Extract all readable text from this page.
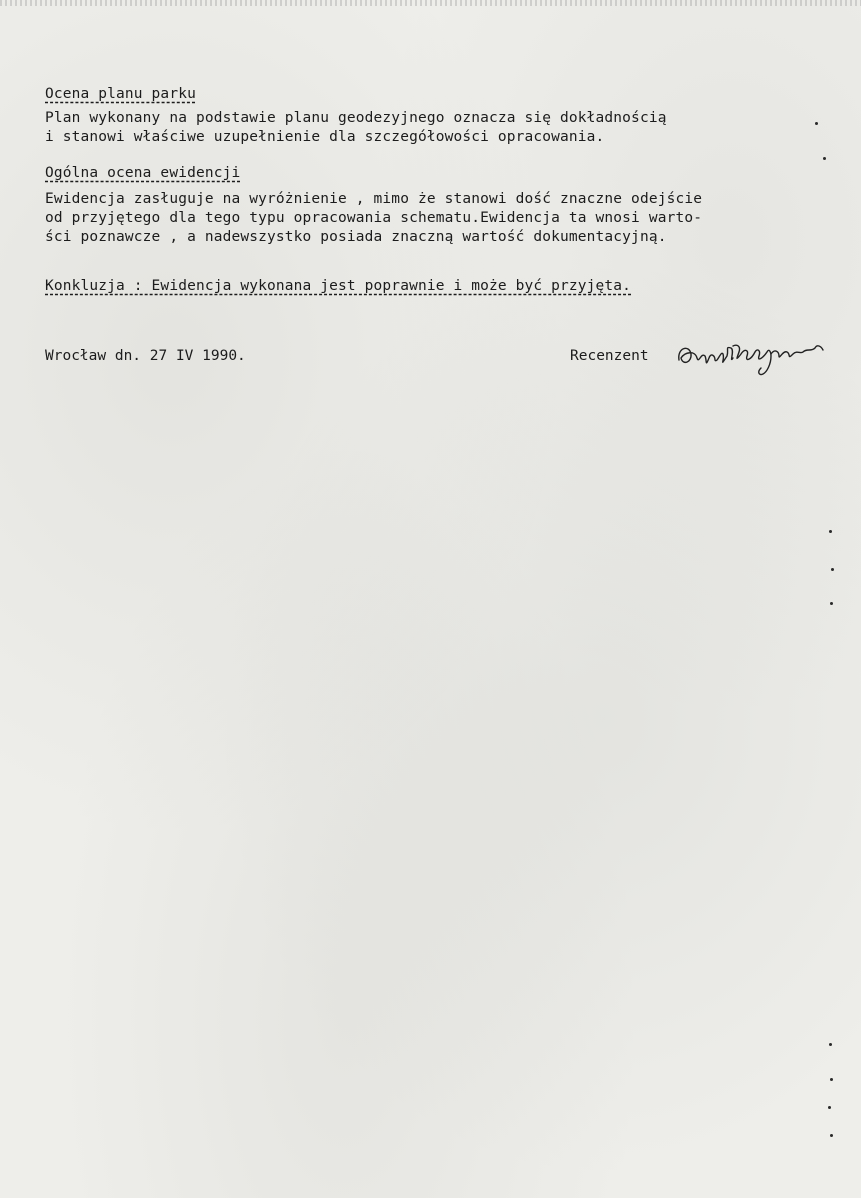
Ocena planu parku
Plan wykonany na podstawie planu geodezyjnego oznacza się dokładnością
i stanowi właściwe uzupełnienie dla szczegółowości opracowania.
Ogólna ocena ewidencji
Ewidencja zasługuje na wyróżnienie , mimo że stanowi dość znaczne odejście
od przyjętego dla tego typu opracowania schematu.Ewidencja ta wnosi warto-
ści poznawcze , a nadewszystko posiada znaczną wartość dokumentacyjną.
Konkluzja : Ewidencja wykonana jest poprawnie i może być przyjęta.
Wrocław dn. 27 IV 1990.	Recenzent
